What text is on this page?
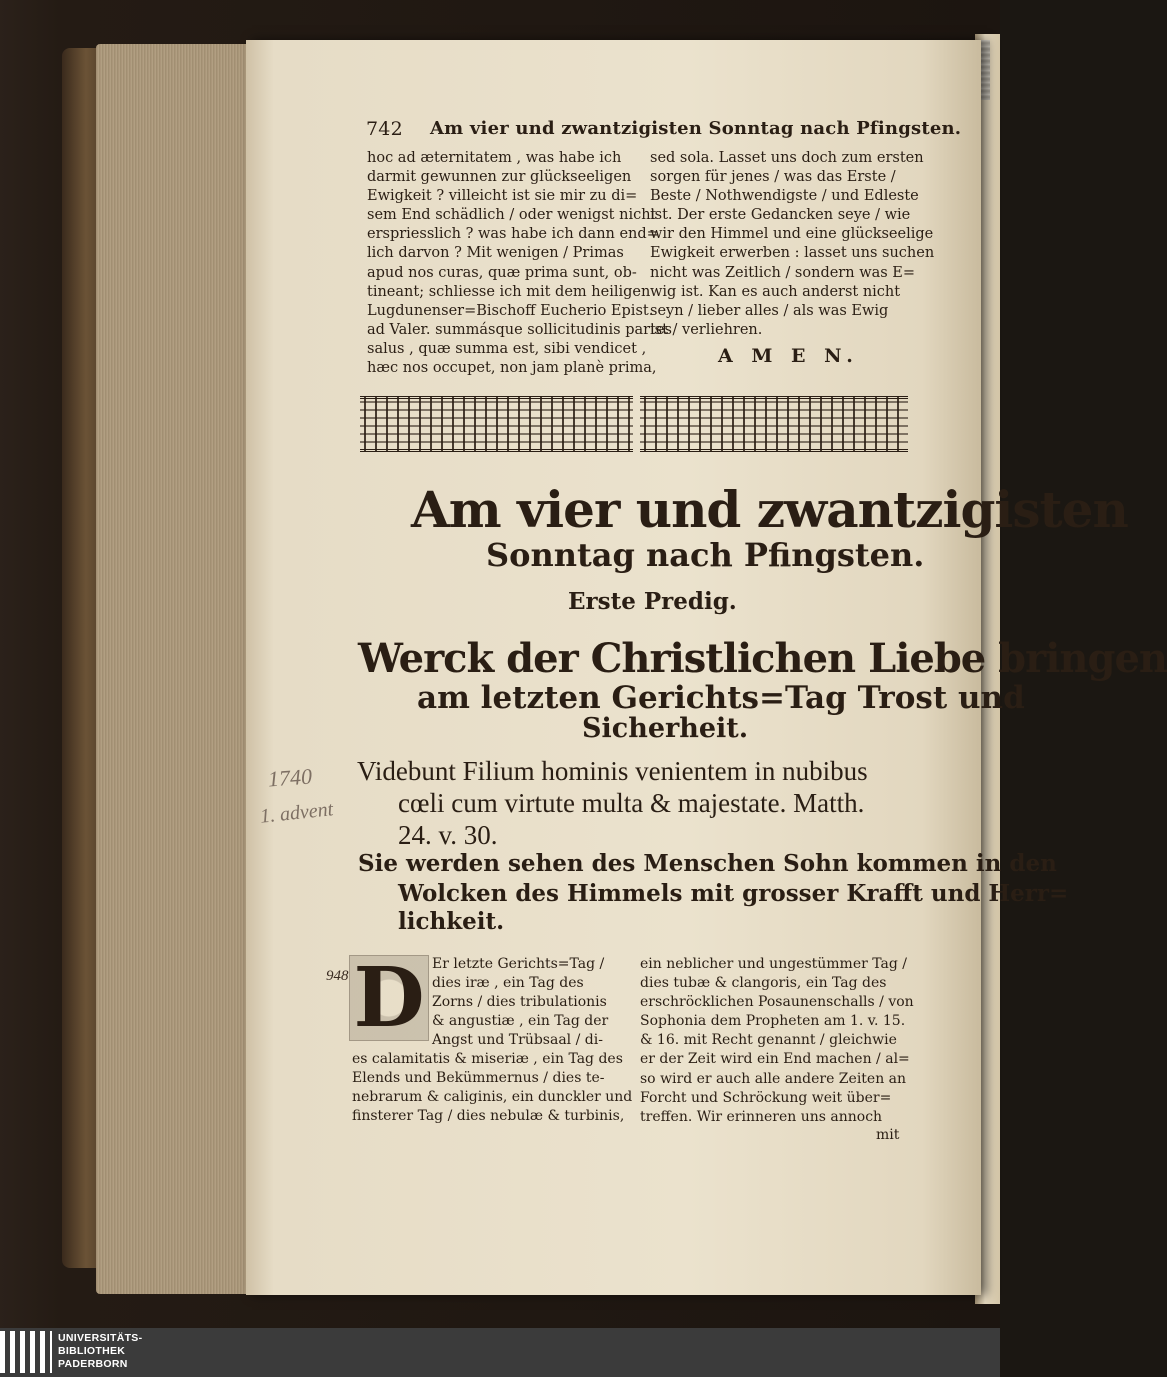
742 Am vier und zwantzigisten Sonntag nach Pfingsten.
hoc ad æternitatem , was habe ich
darmit gewunnen zur glückseeligen
Ewigkeit ? villeicht ist sie mir zu di=
sem End schädlich / oder wenigst nicht
erspriesslich ? was habe ich dann end=
lich darvon ? Mit wenigen / Primas
apud nos curas, quæ prima sunt, ob-
tineant; schliesse ich mit dem heiligen
Lugdunenser=Bischoff Eucherio Epist.
ad Valer. summásque sollicitudinis partes
salus , quæ summa est, sibi vendicet ,
hæc nos occupet, non jam planè prima,
sed sola. Lasset uns doch zum ersten
sorgen für jenes / was das Erste /
Beste / Nothwendigste / und Edleste
ist. Der erste Gedancken seye / wie
wir den Himmel und eine glückseelige
Ewigkeit erwerben : lasset uns suchen
nicht was Zeitlich / sondern was E=
wig ist. Kan es auch anderst nicht
seyn / lieber alles / als was Ewig
ist / verliehren.
A M E N.
Am vier und zwantzigisten
Sonntag nach Pfingsten.
Erste Predig.
Werck der Christlichen Liebe bringen
am letzten Gerichts=Tag Trost und
Sicherheit.
1740
1. advent
Videbunt Filium hominis venientem in nubibus
cœli cum virtute multa & majestate. Matth.
24. v. 30.
Sie werden sehen des Menschen Sohn kommen in den
Wolcken des Himmels mit grosser Krafft und Herr=
lichkeit.
948 D Er letzte Gerichts=Tag /
dies iræ , ein Tag des
Zorns / dies tribulationis
& angustiæ , ein Tag der
Angst und Trübsaal / di-
es calamitatis & miseriæ , ein Tag des
Elends und Bekümmernus / dies te-
nebrarum & caliginis, ein dunckler und
finsterer Tag / dies nebulæ & turbinis,
ein neblicher und ungestümmer Tag /
dies tubæ & clangoris, ein Tag des
erschröcklichen Posaunenschalls / von
Sophonia dem Propheten am 1. v. 15.
& 16. mit Recht genannt / gleichwie
er der Zeit wird ein End machen / al=
so wird er auch alle andere Zeiten an
Forcht und Schröckung weit über=
treffen. Wir erinneren uns annoch
mit
UNIVERSITÄTS-
BIBLIOTHEK
PADERBORN
